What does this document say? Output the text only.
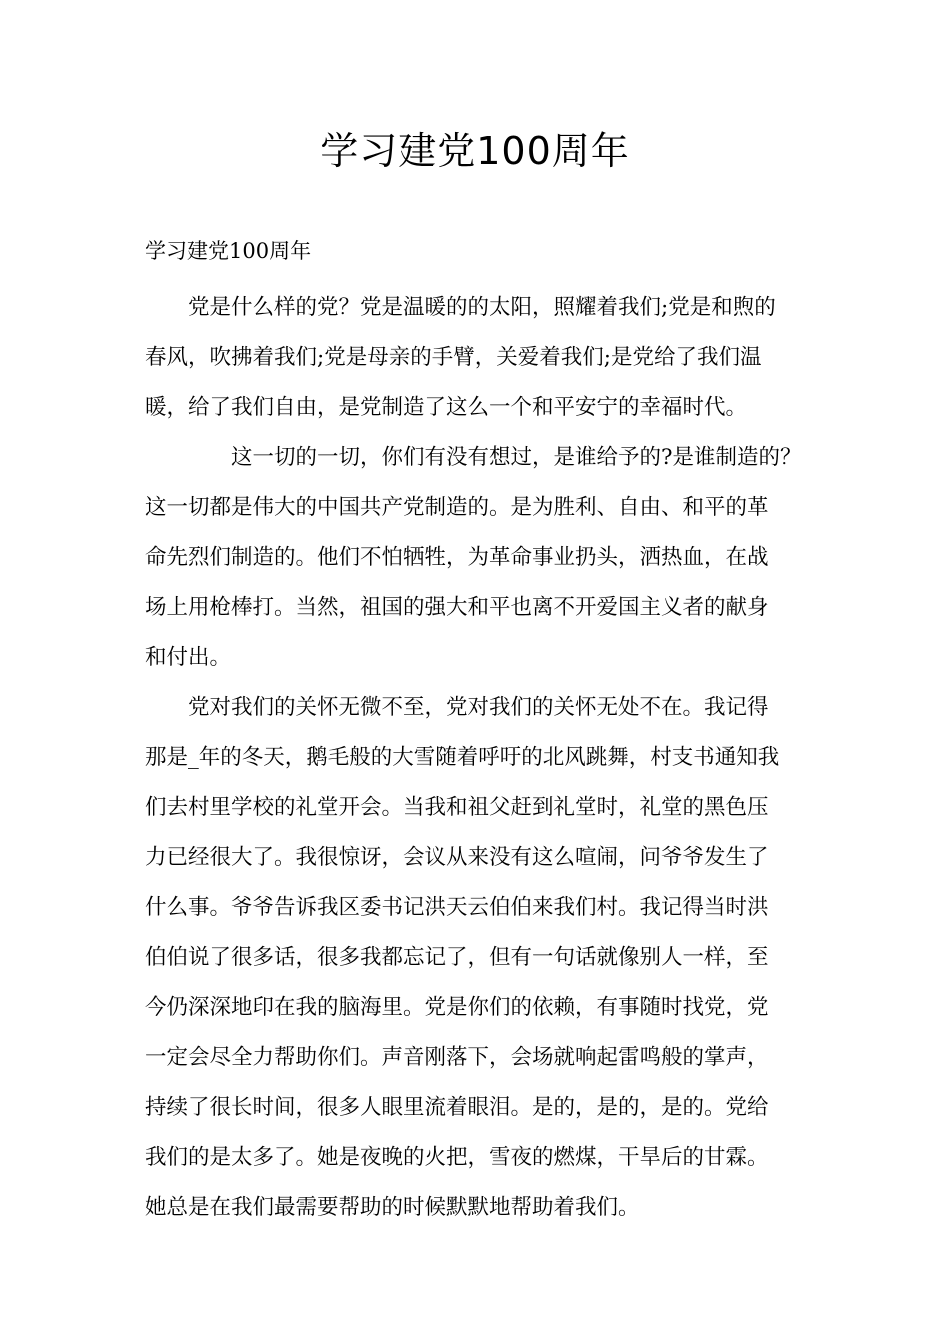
学习建党100周年
学习建党100周年
　　党是什么样的党？党是温暖的的太阳，照耀着我们;党是和煦的
春风，吹拂着我们;党是母亲的手臂，关爱着我们;是党给了我们温
暖，给了我们自由，是党制造了这么一个和平安宁的幸福时代。
　　　　这一切的一切，你们有没有想过，是谁给予的?是谁制造的？
这一切都是伟大的中国共产党制造的。是为胜利、自由、和平的革
命先烈们制造的。他们不怕牺牲，为革命事业扔头，洒热血，在战
场上用枪棒打。当然，祖国的强大和平也离不开爱国主义者的献身
和付出。
　　党对我们的关怀无微不至，党对我们的关怀无处不在。我记得
那是_年的冬天，鹅毛般的大雪随着呼吁的北风跳舞，村支书通知我
们去村里学校的礼堂开会。当我和祖父赶到礼堂时，礼堂的黑色压
力已经很大了。我很惊讶，会议从来没有这么喧闹，问爷爷发生了
什么事。爷爷告诉我区委书记洪天云伯伯来我们村。我记得当时洪
伯伯说了很多话，很多我都忘记了，但有一句话就像别人一样，至
今仍深深地印在我的脑海里。党是你们的依赖，有事随时找党，党
一定会尽全力帮助你们。声音刚落下，会场就响起雷鸣般的掌声，
持续了很长时间，很多人眼里流着眼泪。是的，是的，是的。党给
我们的是太多了。她是夜晚的火把，雪夜的燃煤，干旱后的甘霖。
她总是在我们最需要帮助的时候默默地帮助着我们。
